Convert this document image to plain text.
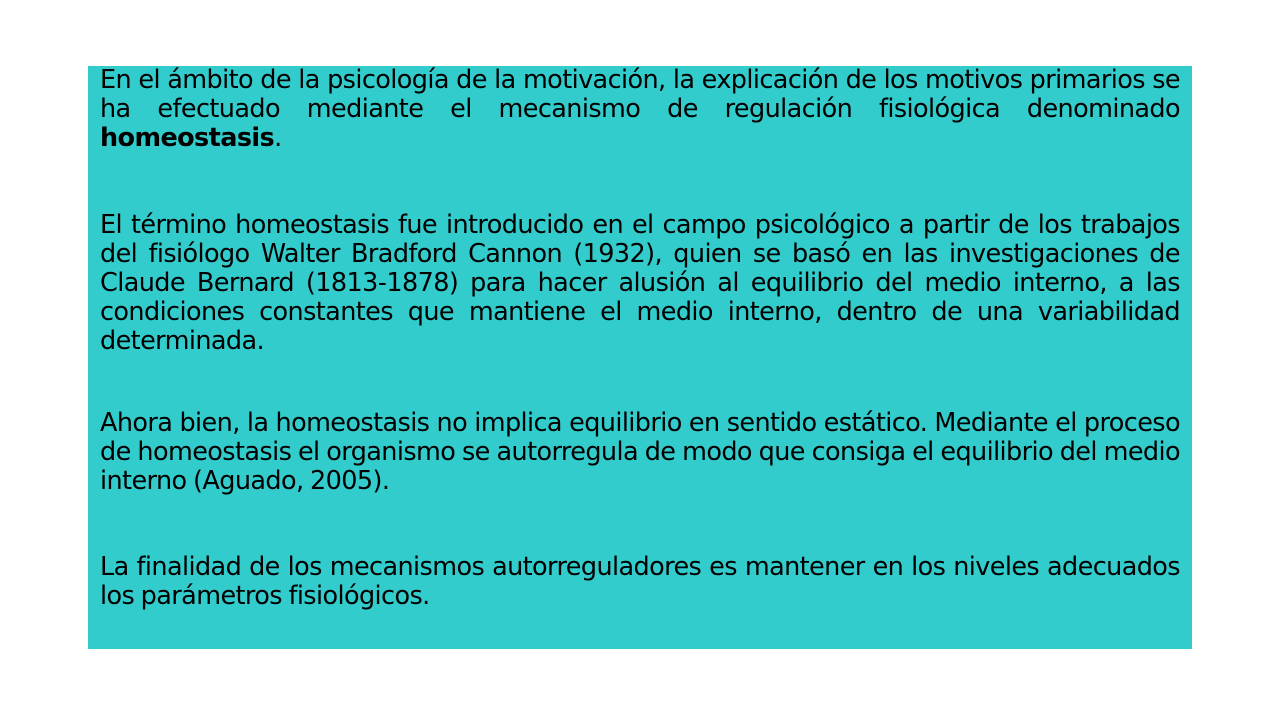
En el ámbito de la psicología de la motivación, la explicación de los motivos primarios se ha efectuado mediante el mecanismo de regulación fisiológica denominado homeostasis.

El término homeostasis fue introducido en el campo psicológico a partir de los trabajos del fisiólogo Walter Bradford Cannon (1932), quien se basó en las investigaciones de Claude Bernard (1813-1878) para hacer alusión al equilibrio del medio interno, a las condiciones constantes que mantiene el medio interno, dentro de una variabilidad determinada.

Ahora bien, la homeostasis no implica equilibrio en sentido estático. Mediante el proceso de homeostasis el organismo se autorregula de modo que consiga el equilibrio del medio interno (Aguado, 2005).

La finalidad de los mecanismos autorreguladores es mantener en los niveles adecuados los parámetros fisiológicos.
